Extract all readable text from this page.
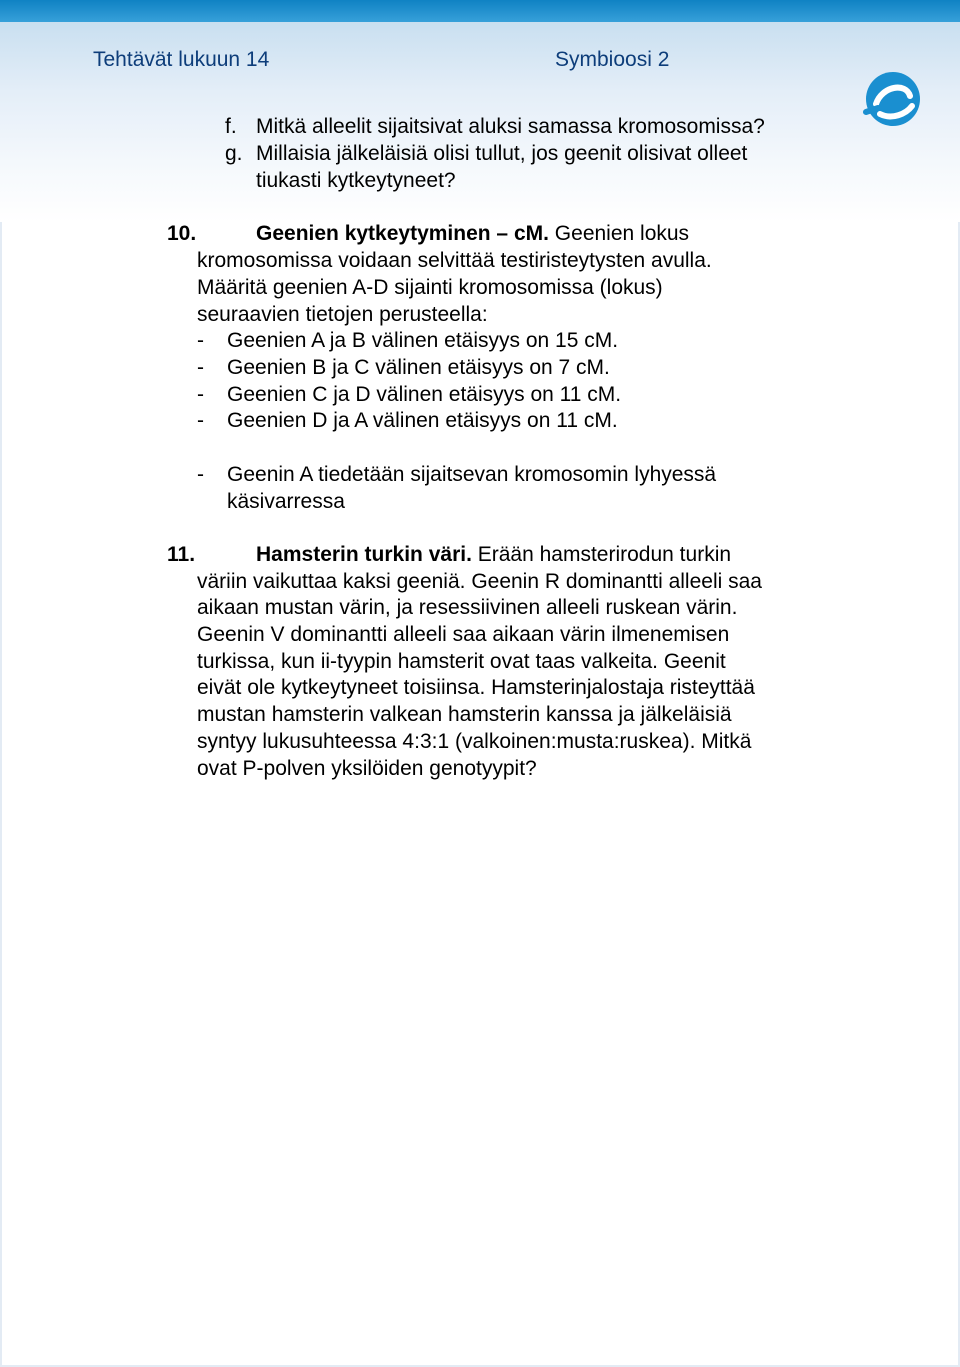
Tehtävät lukuun 14	Symbioosi 2
f. Mitkä alleelit sijaitsivat aluksi samassa kromosomissa?
g. Millaisia jälkeläisiä olisi tullut, jos geenit olisivat olleet
tiukasti kytkeytyneet?
10.	Geenien kytkeytyminen – cM. Geenien lokus
kromosomissa voidaan selvittää testiristeytysten avulla.
Määritä geenien A-D sijainti kromosomissa (lokus)
seuraavien tietojen perusteella:
- Geenien A ja B välinen etäisyys on 15 cM.
- Geenien B ja C välinen etäisyys on 7 cM.
- Geenien C ja D välinen etäisyys on 11 cM.
- Geenien D ja A välinen etäisyys on 11 cM.
- Geenin A tiedetään sijaitsevan kromosomin lyhyessä
käsivarressa
11.	Hamsterin turkin väri. Erään hamsterirodun turkin
väriin vaikuttaa kaksi geeniä. Geenin R dominantti alleeli saa
aikaan mustan värin, ja resessiivinen alleeli ruskean värin.
Geenin V dominantti alleeli saa aikaan värin ilmenemisen
turkissa, kun ii-tyypin hamsterit ovat taas valkeita. Geenit
eivät ole kytkeytyneet toisiinsa. Hamsterinjalostaja risteyttää
mustan hamsterin valkean hamsterin kanssa ja jälkeläisiä
syntyy lukusuhteessa 4:3:1 (valkoinen:musta:ruskea). Mitkä
ovat P-polven yksilöiden genotyypit?
